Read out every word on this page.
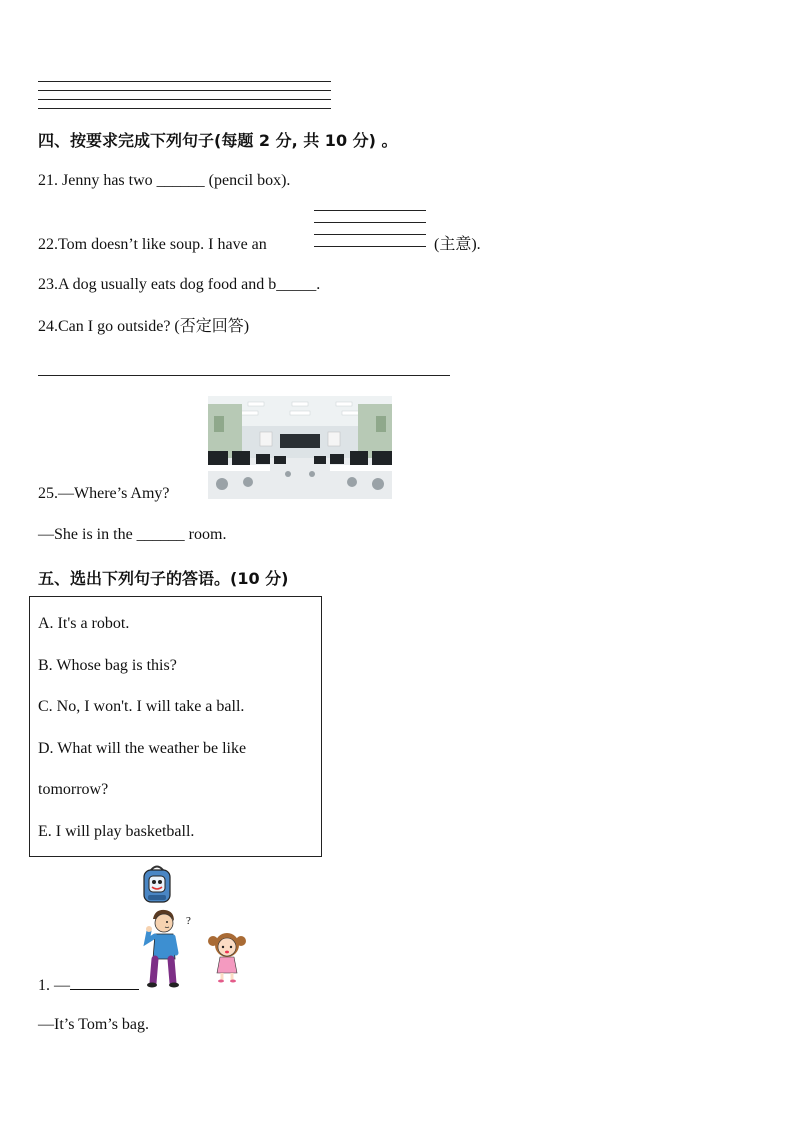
四、按要求完成下列句子(每题 2 分, 共 10 分) 。
21. Jenny has two ______ (pencil box).
22.Tom doesn’t like soup. I have an	(主意).
23.A dog usually eats dog food and b_____.
24.Can I go outside? (否定回答)
25.—Where’s Amy?
—She is in the ______ room.
五、选出下列句子的答语。(10 分)
A. It's a robot.
B. Whose bag is this?
C. No, I won't. I will take a ball.
D. What will the weather be like
tomorrow?
E. I will play basketball.
?
1. —
—It’s Tom’s bag.
